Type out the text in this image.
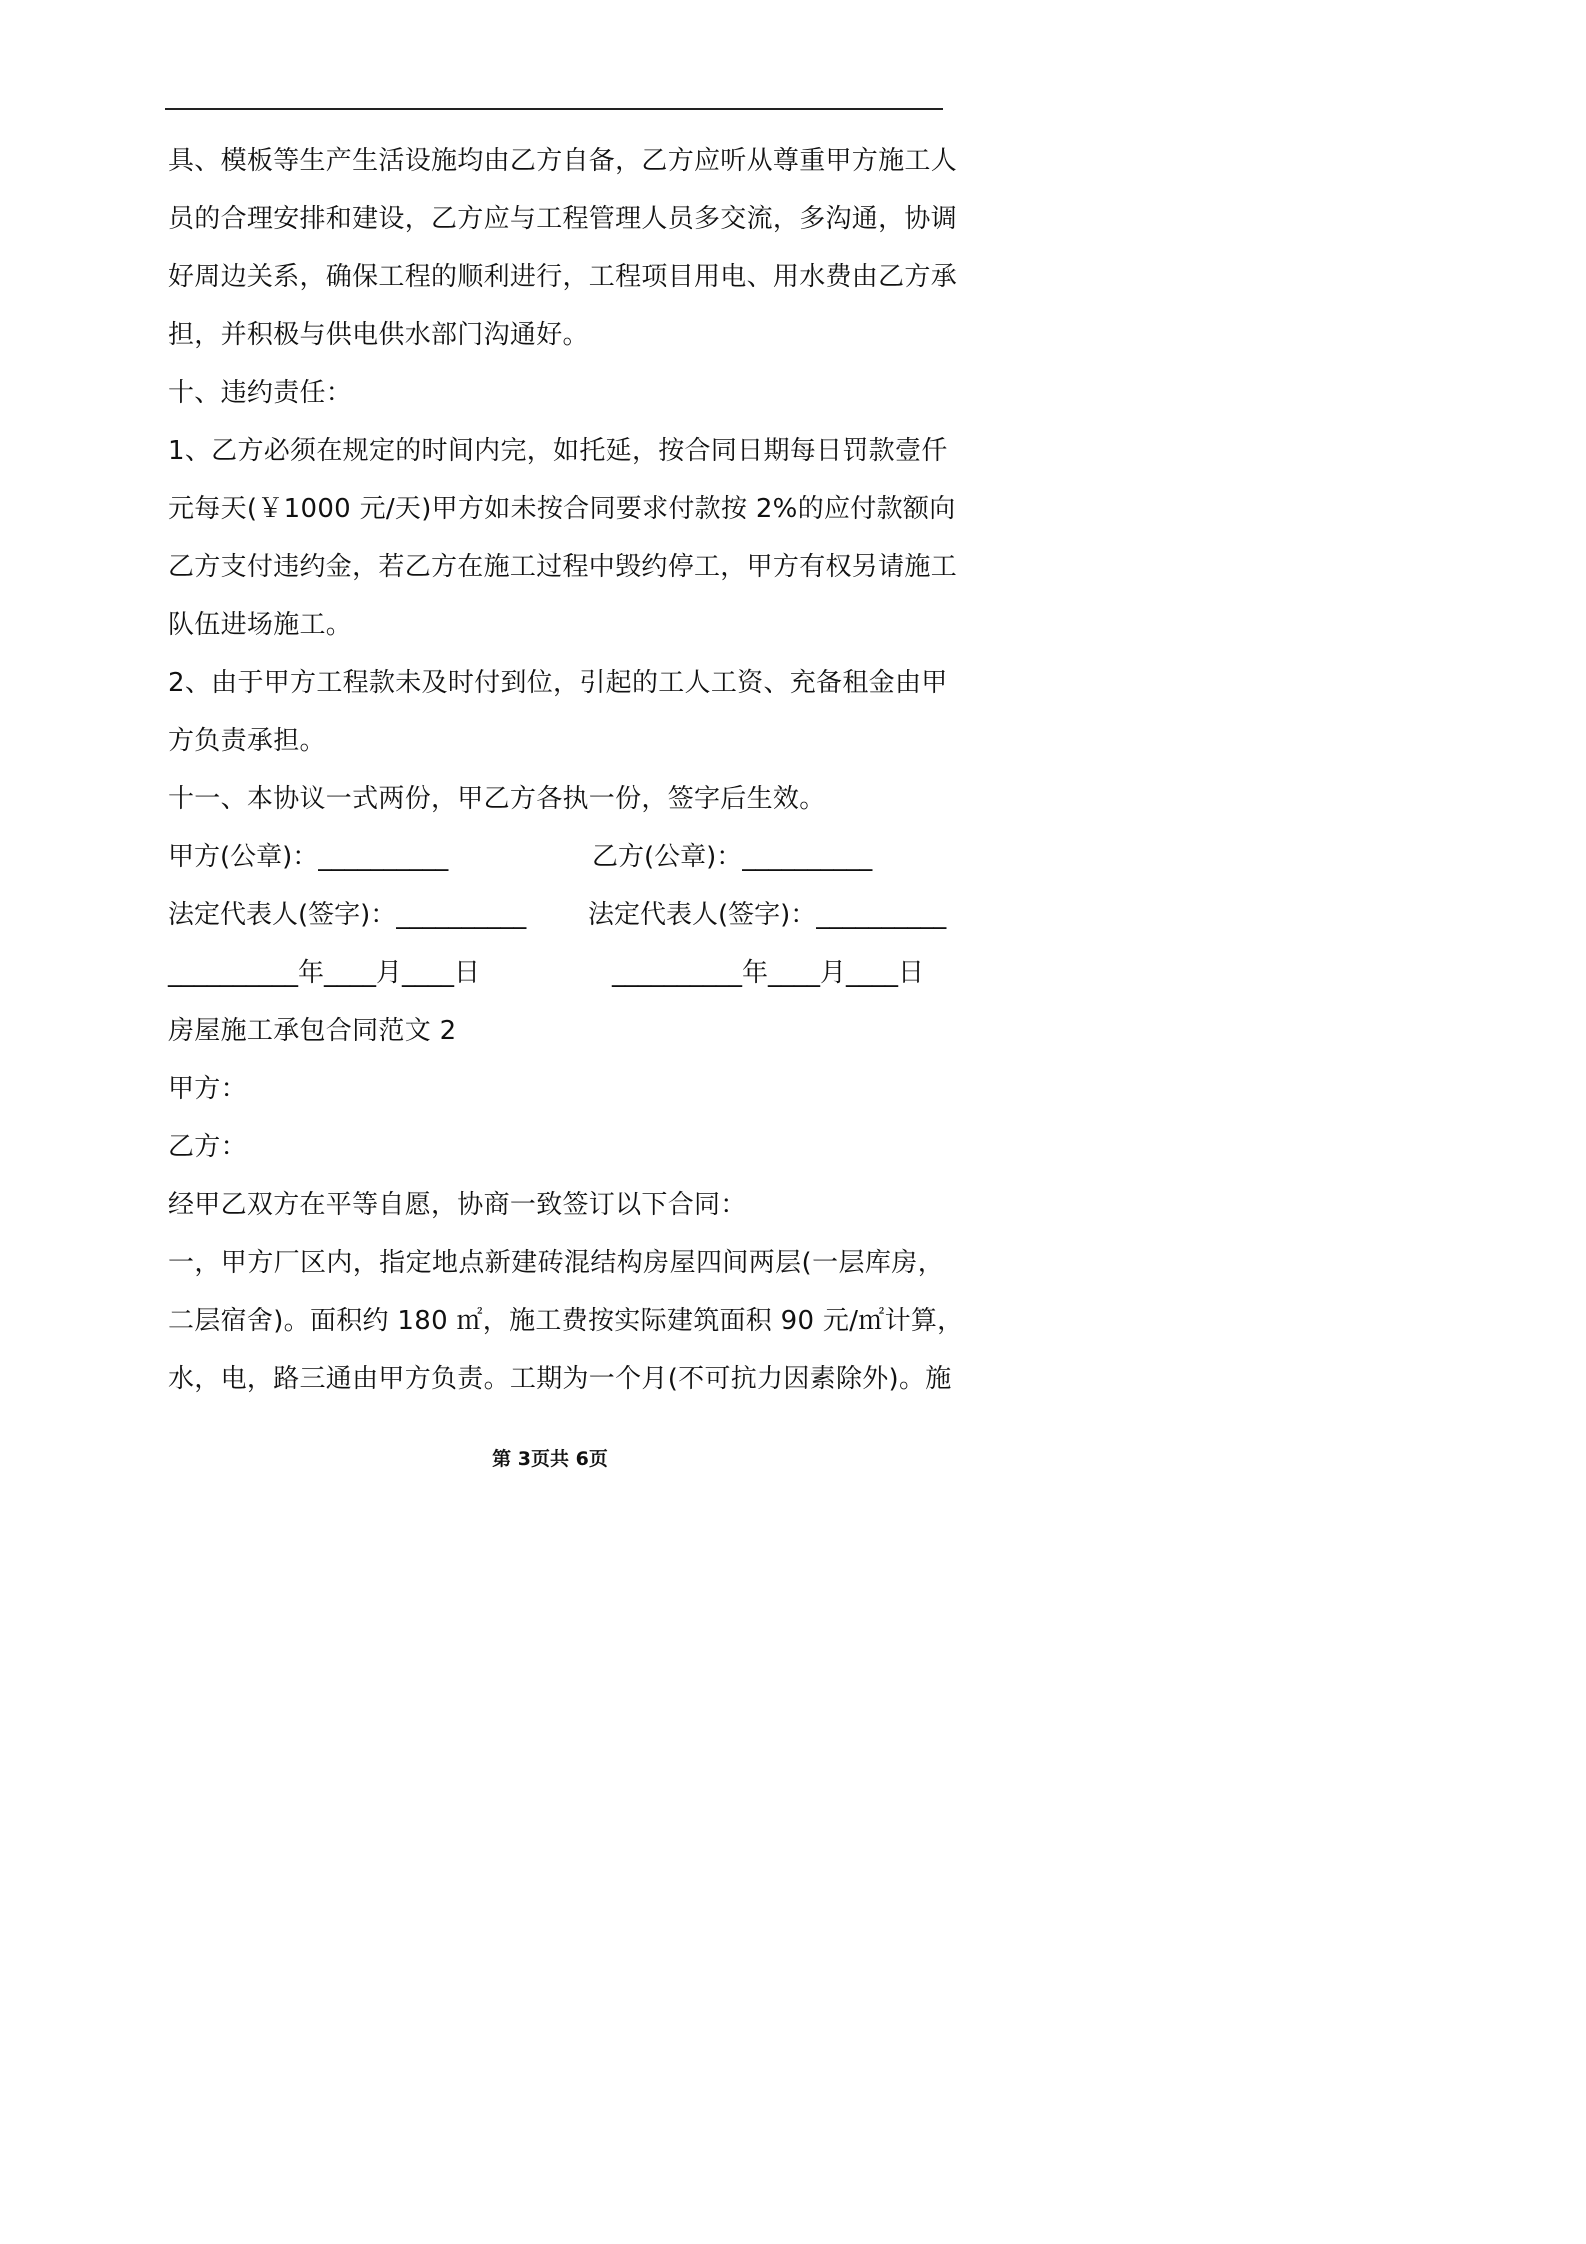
具、模板等生产生活设施均由乙方自备，乙方应听从尊重甲方施工人
员的合理安排和建设，乙方应与工程管理人员多交流，多沟通，协调
好周边关系，确保工程的顺利进行，工程项目用电、用水费由乙方承
担，并积极与供电供水部门沟通好。
十、违约责任：
1、乙方必须在规定的时间内完，如托延，按合同日期每日罚款壹仟
元每天(￥1000 元/天)甲方如未按合同要求付款按 2%的应付款额向
乙方支付违约金，若乙方在施工过程中毁约停工，甲方有权另请施工
队伍进场施工。
2、由于甲方工程款未及时付到位，引起的工人工资、充备租金由甲
方负责承担。
十一、本协议一式两份，甲乙方各执一份，签字后生效。
甲方(公章)：__________	乙方(公章)：__________
法定代表人(签字)：__________ 法定代表人(签字)：__________
__________年____月____日	__________年____月____日
房屋施工承包合同范文 2
甲方：
乙方：
经甲乙双方在平等自愿，协商一致签订以下合同：
一，甲方厂区内，指定地点新建砖混结构房屋四间两层(一层库房，
二层宿舍)。面积约 180 ㎡，施工费按实际建筑面积 90 元/㎡计算，
水，电，路三通由甲方负责。工期为一个月(不可抗力因素除外)。施
第 3页共 6页
